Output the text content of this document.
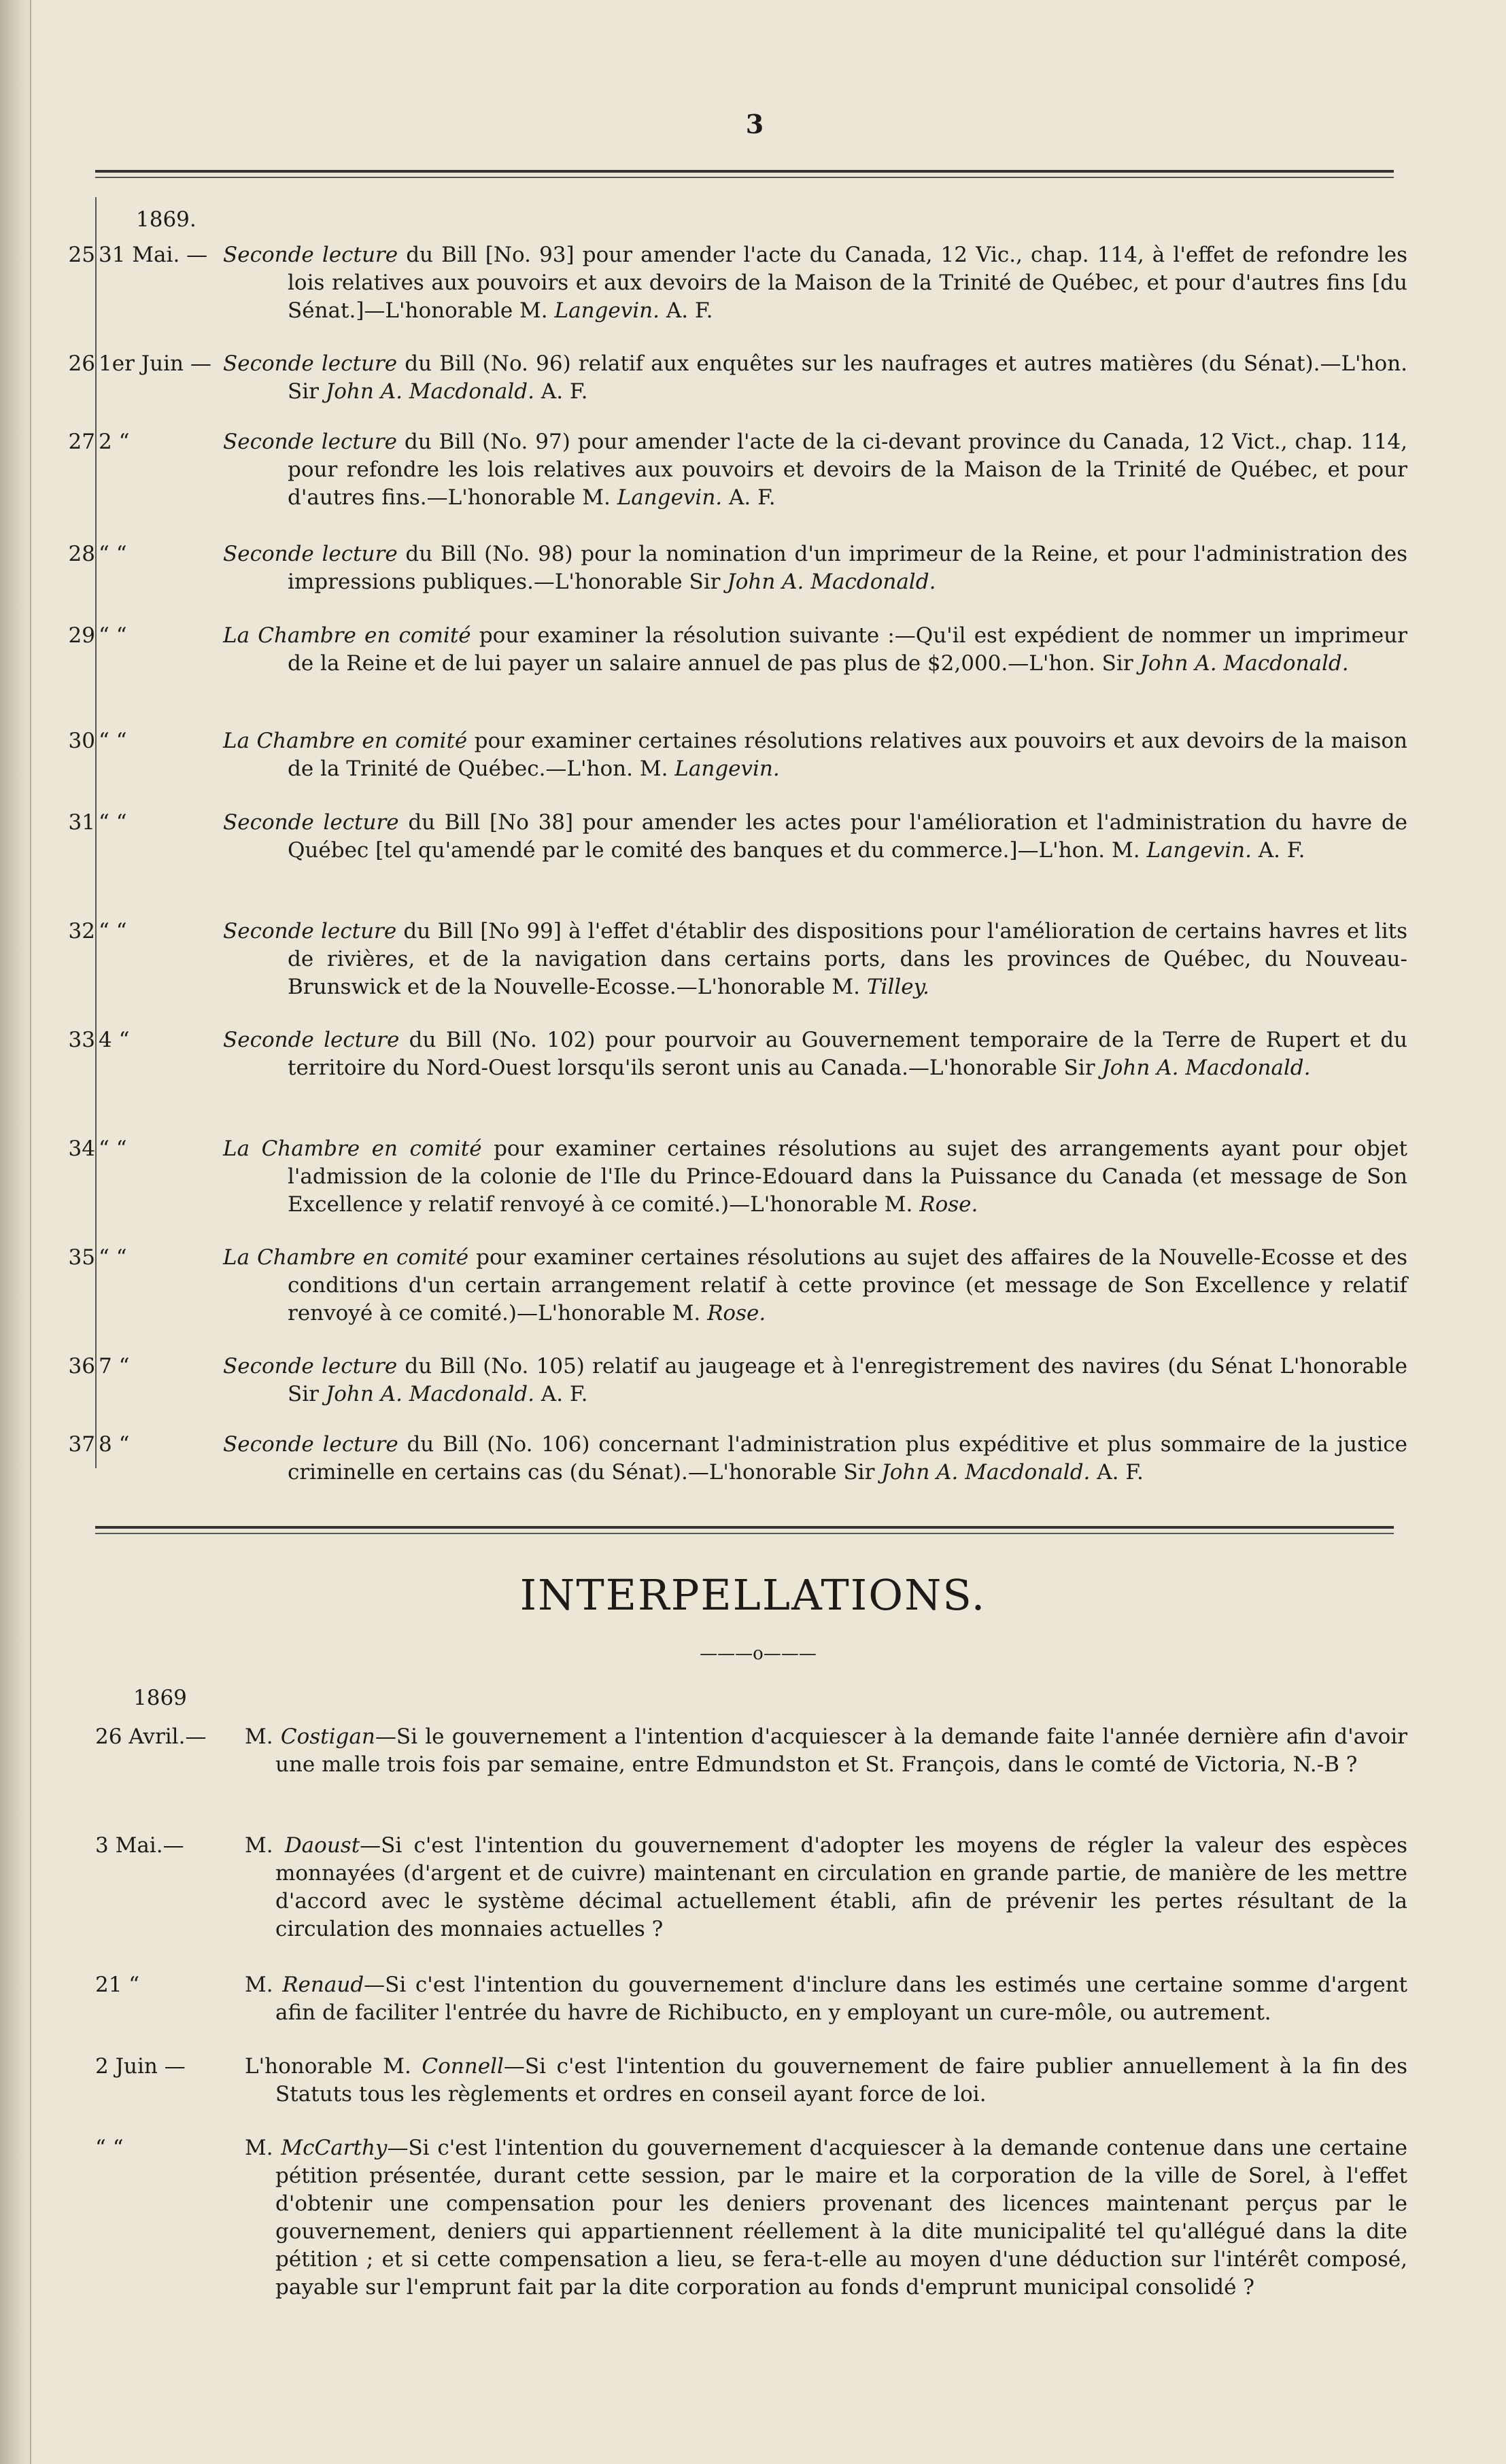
3
1869.
25 31 Mai. — Seconde lecture du Bill [No. 93] pour amender l'acte du Canada, 12 Vic., chap. 114, à l'effet de refondre les lois relatives aux pouvoirs et aux devoirs de la Maison de la Trinité de Québec, et pour d'autres fins [du Sénat.]—L'honorable M. Langevin. A. F.
26 1er Juin — Seconde lecture du Bill (No. 96) relatif aux enquêtes sur les naufrages et autres matières (du Sénat).—L'hon. Sir John A. Macdonald. A. F.
27 2 “	Seconde lecture du Bill (No. 97) pour amender l'acte de la ci-devant province du Canada, 12 Vict., chap. 114, pour refondre les lois relatives aux pouvoirs et devoirs de la Maison de la Trinité de Québec, et pour d'autres fins.—L'honorable M. Langevin. A. F.
28 “ “	Seconde lecture du Bill (No. 98) pour la nomination d'un imprimeur de la Reine, et pour l'administration des impressions publiques.—L'honorable Sir John A. Macdonald.
29 “ “	La Chambre en comité pour examiner la résolution suivante :—Qu'il est expédient de nommer un imprimeur de la Reine et de lui payer un salaire annuel de pas plus de $2,000.—L'hon. Sir John A. Macdonald.
30 “ “	La Chambre en comité pour examiner certaines résolutions relatives aux pouvoirs et aux devoirs de la maison de la Trinité de Québec.—L'hon. M. Langevin.
31 “ “	Seconde lecture du Bill [No 38] pour amender les actes pour l'amélioration et l'administration du havre de Québec [tel qu'amendé par le comité des banques et du commerce.]—L'hon. M. Langevin. A. F.
32 “ “	Seconde lecture du Bill [No 99] à l'effet d'établir des dispositions pour l'amélioration de certains havres et lits de rivières, et de la navigation dans certains ports, dans les provinces de Québec, du Nouveau-Brunswick et de la Nouvelle-Ecosse.—L'honorable M. Tilley.
33 4 “	Seconde lecture du Bill (No. 102) pour pourvoir au Gouvernement temporaire de la Terre de Rupert et du territoire du Nord-Ouest lorsqu'ils seront unis au Canada.—L'honorable Sir John A. Macdonald.
34 “ “	La Chambre en comité pour examiner certaines résolutions au sujet des arrangements ayant pour objet l'admission de la colonie de l'Ile du Prince-Edouard dans la Puissance du Canada (et message de Son Excellence y relatif renvoyé à ce comité.)—L'honorable M. Rose.
35 “ “	La Chambre en comité pour examiner certaines résolutions au sujet des affaires de la Nouvelle-Ecosse et des conditions d'un certain arrangement relatif à cette province (et message de Son Excellence y relatif renvoyé à ce comité.)—L'honorable M. Rose.
36 7 “	Seconde lecture du Bill (No. 105) relatif au jaugeage et à l'enregistrement des navires (du Sénat L'honorable Sir John A. Macdonald. A. F.
37 8 “	Seconde lecture du Bill (No. 106) concernant l'administration plus expéditive et plus sommaire de la justice criminelle en certains cas (du Sénat).—L'honorable Sir John A. Macdonald. A. F.
INTERPELLATIONS.
———o———
1869
26 Avril.—	M. Costigan—Si le gouvernement a l'intention d'acquiescer à la demande faite l'année dernière afin d'avoir une malle trois fois par semaine, entre Edmundston et St. François, dans le comté de Victoria, N.-B ?
3 Mai.—	M. Daoust—Si c'est l'intention du gouvernement d'adopter les moyens de régler la valeur des espèces monnayées (d'argent et de cuivre) maintenant en circulation en grande partie, de manière de les mettre d'accord avec le système décimal actuellement établi, afin de prévenir les pertes résultant de la circulation des monnaies actuelles ?
21 “	M. Renaud—Si c'est l'intention du gouvernement d'inclure dans les estimés une certaine somme d'argent afin de faciliter l'entrée du havre de Richibucto, en y employant un cure-môle, ou autrement.
2 Juin —	L'honorable M. Connell—Si c'est l'intention du gouvernement de faire publier annuellement à la fin des Statuts tous les règlements et ordres en conseil ayant force de loi.
“ “	M. McCarthy—Si c'est l'intention du gouvernement d'acquiescer à la demande contenue dans une certaine pétition présentée, durant cette session, par le maire et la corporation de la ville de Sorel, à l'effet d'obtenir une compensation pour les deniers provenant des licences maintenant perçus par le gouvernement, deniers qui appartiennent réellement à la dite municipalité tel qu'allégué dans la dite pétition ; et si cette compensation a lieu, se fera-t-elle au moyen d'une déduction sur l'intérêt composé, payable sur l'emprunt fait par la dite corporation au fonds d'emprunt municipal consolidé ?
